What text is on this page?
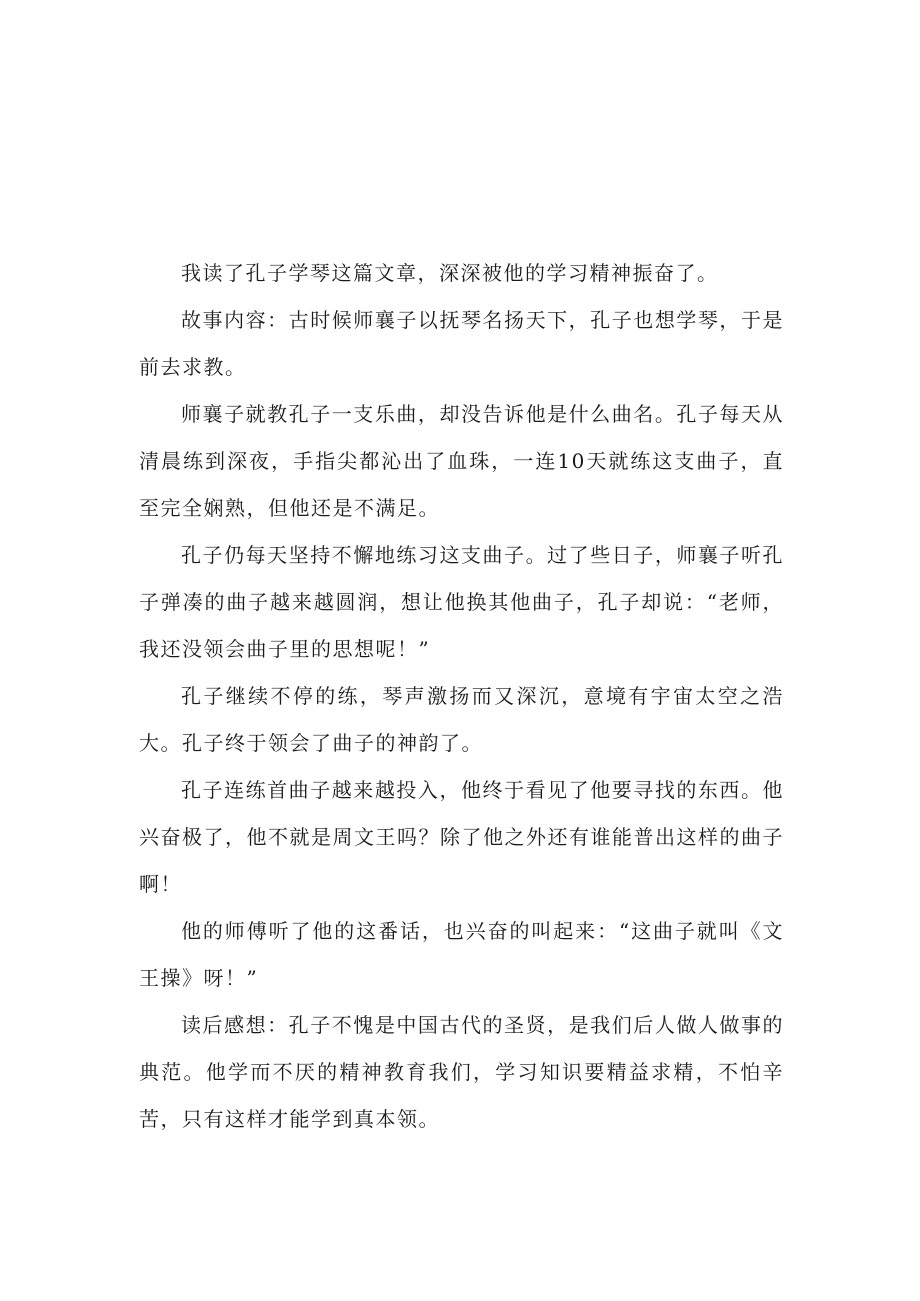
我读了孔子学琴这篇文章，深深被他的学习精神振奋了。

故事内容：古时候师襄子以抚琴名扬天下，孔子也想学琴，于是前去求教。

师襄子就教孔子一支乐曲，却没告诉他是什么曲名。孔子每天从清晨练到深夜，手指尖都沁出了血珠，一连10天就练这支曲子，直至完全娴熟，但他还是不满足。

孔子仍每天坚持不懈地练习这支曲子。过了些日子，师襄子听孔子弹凑的曲子越来越圆润，想让他换其他曲子，孔子却说：“老师，我还没领会曲子里的思想呢！”

孔子继续不停的练，琴声激扬而又深沉，意境有宇宙太空之浩大。孔子终于领会了曲子的神韵了。

孔子连练首曲子越来越投入，他终于看见了他要寻找的东西。他兴奋极了，他不就是周文王吗？除了他之外还有谁能普出这样的曲子啊！

他的师傅听了他的这番话，也兴奋的叫起来：“这曲子就叫《文王操》呀！”

读后感想：孔子不愧是中国古代的圣贤，是我们后人做人做事的典范。他学而不厌的精神教育我们，学习知识要精益求精，不怕辛苦，只有这样才能学到真本领。
